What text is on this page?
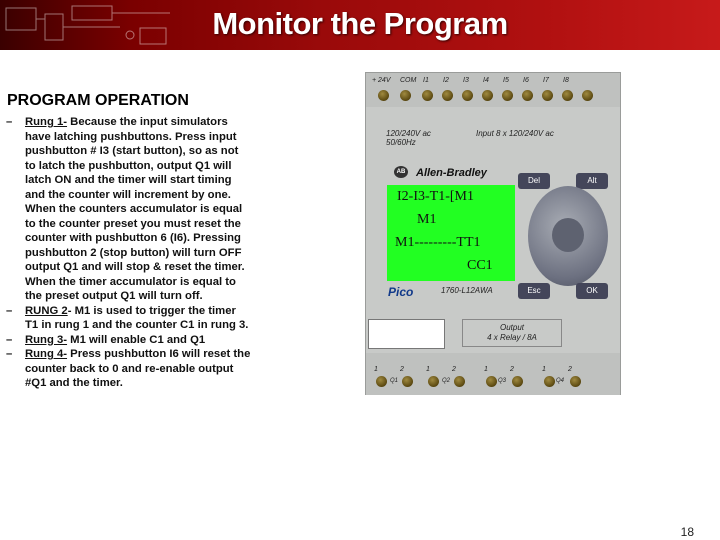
Monitor the Program
PROGRAM OPERATION
– Rung 1- Because the input simulators have latching pushbuttons. Press input pushbutton # I3 (start button), so as not to latch the pushbutton, output Q1 will latch ON and the timer will start timing and the counter will increment by one. When the counters accumulator is equal to the counter preset you must reset the counter with pushbutton 6 (I6). Pressing pushbutton 2 (stop button) will turn OFF output Q1 and will stop & reset the timer. When the timer accumulator is equal to the preset output Q1 will turn off.
– RUNG 2- M1 is used to trigger the timer T1 in rung 1 and the counter C1 in rung 3.
– Rung 3- M1 will enable C1 and Q1
– Rung 4- Press pushbutton I6 will reset the counter back to 0 and re-enable output #Q1 and the timer.
+ 24V COM I1 I2 I3 I4 I5 I6 I7 I8
120/240V ac
50/60Hz
Input 8 x 120/240V ac
AB Allen-Bradley
I2-I3-T1-[M1
M1
M1---------TT1
CC1
Del	Alt
Esc	OK
Pico	1760-L12AWA
Output
4 x Relay / 8A
1	2	1	2	1	2	1	2
Q1	Q2	Q3	Q4
18
